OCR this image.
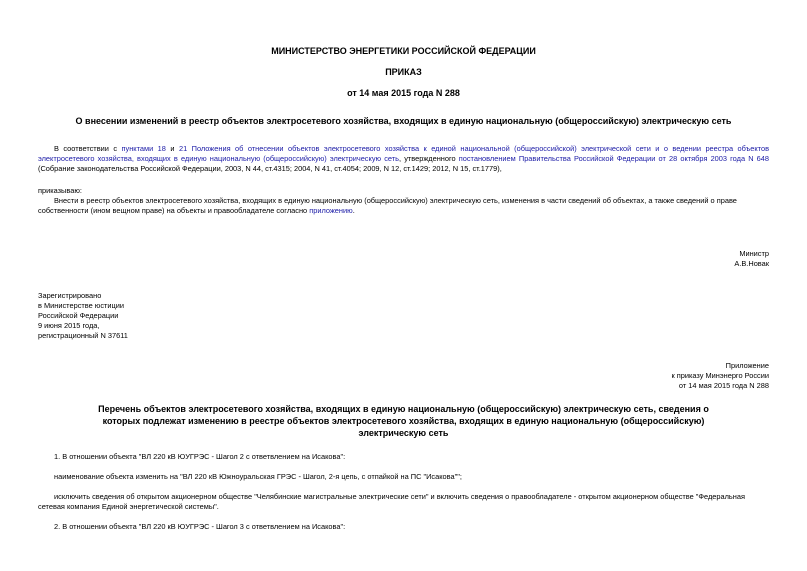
МИНИСТЕРСТВО ЭНЕРГЕТИКИ РОССИЙСКОЙ ФЕДЕРАЦИИ
ПРИКАЗ
от 14 мая 2015 года N 288
О внесении изменений в реестр объектов электросетевого хозяйства, входящих в единую национальную (общероссийскую) электрическую сеть
В соответствии с пунктами 18 и 21 Положения об отнесении объектов электросетевого хозяйства к единой национальной (общероссийской) электрической сети и о ведении реестра объектов электросетевого хозяйства, входящих в единую национальную (общероссийскую) электрическую сеть, утвержденного постановлением Правительства Российской Федерации от 28 октября 2003 года N 648 (Собрание законодательства Российской Федерации, 2003, N 44, ст.4315; 2004, N 41, ст.4054; 2009, N 12, ст.1429; 2012, N 15, ст.1779),
приказываю:
Внести в реестр объектов электросетевого хозяйства, входящих в единую национальную (общероссийскую) электрическую сеть, изменения в части сведений об объектах, а также сведений о праве собственности (ином вещном праве) на объекты и правообладателе согласно приложению.
Министр
А.В.Новак
Зарегистрировано
в Министерстве юстиции
Российской Федерации
9 июня 2015 года,
регистрационный N 37611
Приложение
к приказу Минэнерго России
от 14 мая 2015 года N 288
Перечень объектов электросетевого хозяйства, входящих в единую национальную (общероссийскую) электрическую сеть, сведения о которых подлежат изменению в реестре объектов электросетевого хозяйства, входящих в единую национальную (общероссийскую) электрическую сеть
1. В отношении объекта "ВЛ 220 кВ ЮУГРЭС - Шагол 2 с ответвлением на Исакова":
наименование объекта изменить на "ВЛ 220 кВ Южноуральская ГРЭС - Шагол, 2-я цепь, с отпайкой на ПС "Исакова"";
исключить сведения об открытом акционерном обществе "Челябинские магистральные электрические сети" и включить сведения о правообладателе - открытом акционерном обществе "Федеральная сетевая компания Единой энергетической системы".
2. В отношении объекта "ВЛ 220 кВ ЮУГРЭС - Шагол 3 с ответвлением на Исакова":
